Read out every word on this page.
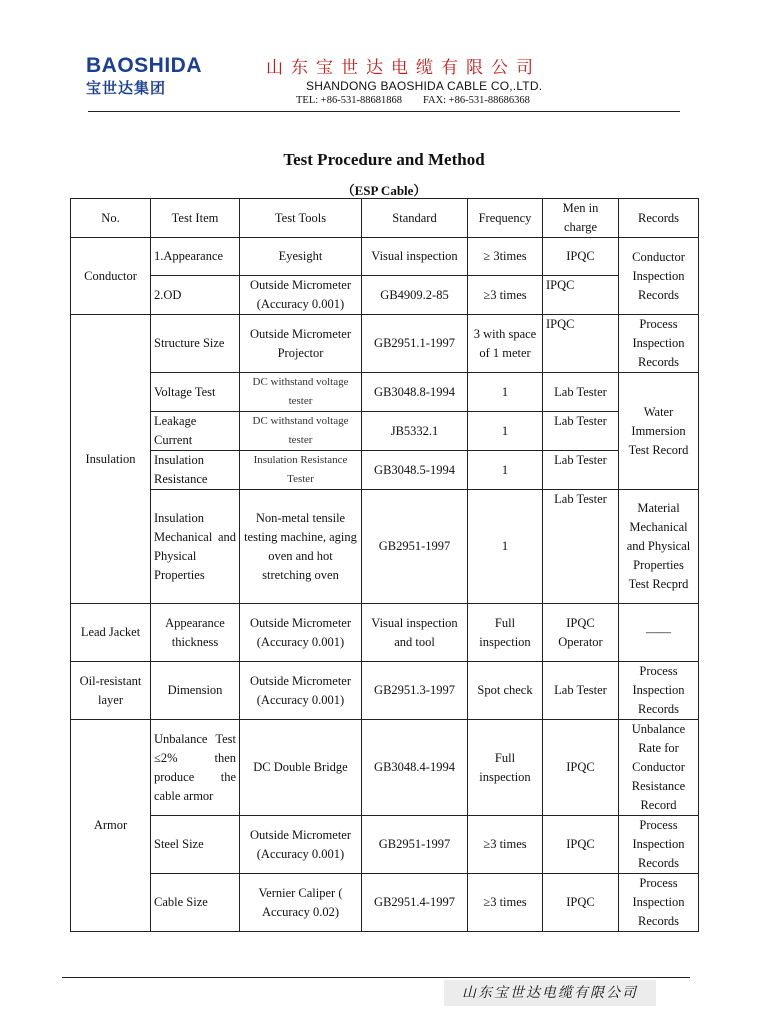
BAOSHIDA
宝世达集团
山东宝世达电缆有限公司
SHANDONG BAOSHIDA CABLE CO,.LTD.
TEL: +86-531-88681868        FAX: +86-531-88686368
Test Procedure and Method
（ESP Cable）
No.	Test Item	Test Tools	Standard	Frequency	Men in charge	Records
Conductor	1.Appearance	Eyesight	Visual inspection	≥ 3times	IPQC	Conductor Inspection Records
	2.OD	Outside Micrometer (Accuracy 0.001)	GB4909.2-85	≥3 times	IPQC	
Insulation	Structure Size	Outside Micrometer Projector	GB2951.1-1997	3 with space of 1 meter	IPQC	Process Inspection Records
	Voltage Test	DC withstand voltage tester	GB3048.8-1994	1	Lab Tester	Water Immersion Test Record
	Leakage Current	DC withstand voltage tester	JB5332.1	1	Lab Tester	
	Insulation Resistance	Insulation Resistance Tester	GB3048.5-1994	1	Lab Tester	
	Insulation Mechanical and Physical Properties	Non-metal tensile testing machine, aging oven and hot stretching oven	GB2951-1997	1	Lab Tester	Material Mechanical and Physical Properties Test Recprd
Lead Jacket	Appearance thickness	Outside Micrometer (Accuracy 0.001)	Visual inspection and tool	Full inspection	IPQC Operator	——
Oil-resistant layer	Dimension	Outside Micrometer (Accuracy 0.001)	GB2951.3-1997	Spot check	Lab Tester	Process Inspection Records
Armor	Unbalance Test ≤2% then produce the cable armor	DC Double Bridge	GB3048.4-1994	Full inspection	IPQC	Unbalance Rate for Conductor Resistance Record
	Steel Size	Outside Micrometer (Accuracy 0.001)	GB2951-1997	≥3 times	IPQC	Process Inspection Records
	Cable Size	Vernier Caliper ( Accuracy 0.02)	GB2951.4-1997	≥3 times	IPQC	Process Inspection Records
山东宝世达电缆有限公司
